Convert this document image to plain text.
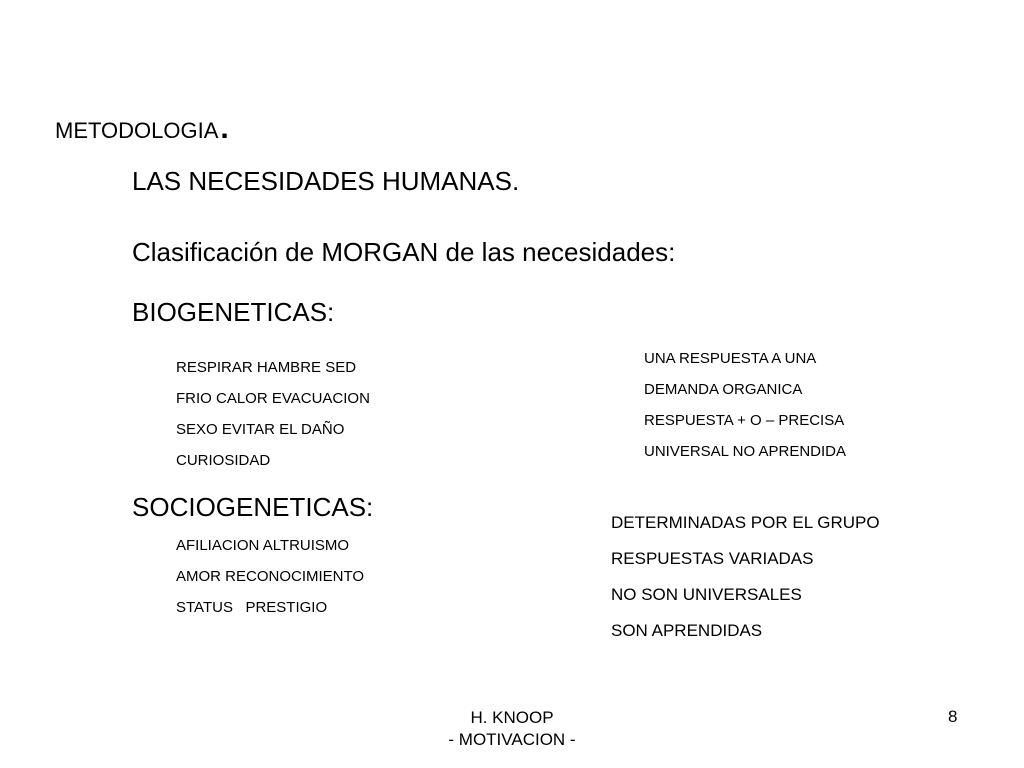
METODOLOGIA.
LAS NECESIDADES HUMANAS.
Clasificación de MORGAN de las necesidades:
BIOGENETICAS:
RESPIRAR HAMBRE SED
FRIO CALOR EVACUACION
SEXO EVITAR EL DAÑO
CURIOSIDAD
UNA RESPUESTA A UNA
DEMANDA ORGANICA
RESPUESTA + O – PRECISA
UNIVERSAL NO APRENDIDA
SOCIOGENETICAS:
AFILIACION ALTRUISMO
AMOR RECONOCIMIENTO
STATUS   PRESTIGIO
DETERMINADAS POR EL GRUPO
RESPUESTAS VARIADAS
NO SON UNIVERSALES
SON APRENDIDAS
H. KNOOP
- MOTIVACION -
8
